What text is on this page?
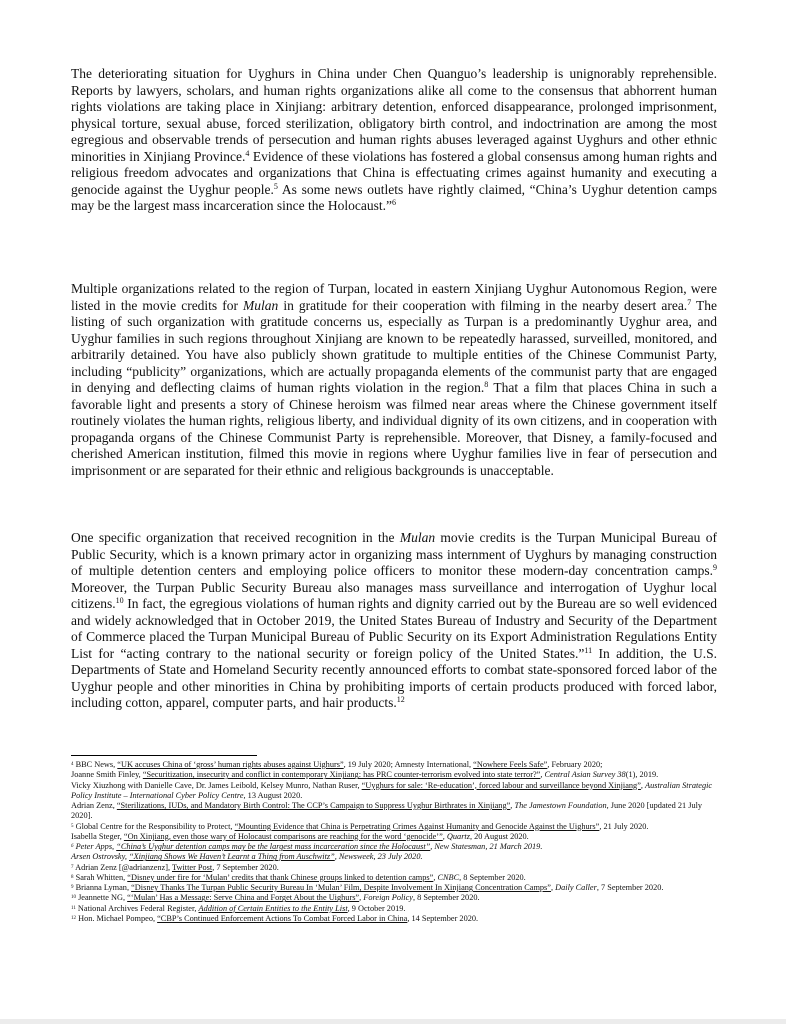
The deteriorating situation for Uyghurs in China under Chen Quanguo’s leadership is unignorably reprehensible. Reports by lawyers, scholars, and human rights organizations alike all come to the consensus that abhorrent human rights violations are taking place in Xinjiang: arbitrary detention, enforced disappearance, prolonged imprisonment, physical torture, sexual abuse, forced sterilization, obligatory birth control, and indoctrination are among the most egregious and observable trends of persecution and human rights abuses leveraged against Uyghurs and other ethnic minorities in Xinjiang Province.$^4$ Evidence of these violations has fostered a global consensus among human rights and religious freedom advocates and organizations that China is effectuating crimes against humanity and executing a genocide against the Uyghur people.$^5$ As some news outlets have rightly claimed, “China’s Uyghur detention camps may be the largest mass incarceration since the Holocaust.”$^6$

Multiple organizations related to the region of Turpan, located in eastern Xinjiang Uyghur Autonomous Region, were listed in the movie credits for Mulan in gratitude for their cooperation with filming in the nearby desert area.$^7$ The listing of such organization with gratitude concerns us, especially as Turpan is a predominantly Uyghur area, and Uyghur families in such regions throughout Xinjiang are known to be repeatedly harassed, surveilled, monitored, and arbitrarily detained. You have also publicly shown gratitude to multiple entities of the Chinese Communist Party, including “publicity” organizations, which are actually propaganda elements of the communist party that are engaged in denying and deflecting claims of human rights violation in the region.$^8$ That a film that places China in such a favorable light and presents a story of Chinese heroism was filmed near areas where the Chinese government itself routinely violates the human rights, religious liberty, and individual dignity of its own citizens, and in cooperation with propaganda organs of the Chinese Communist Party is reprehensible. Moreover, that Disney, a family-focused and cherished American institution, filmed this movie in regions where Uyghur families live in fear of persecution and imprisonment or are separated for their ethnic and religious backgrounds is unacceptable.

One specific organization that received recognition in the Mulan movie credits is the Turpan Municipal Bureau of Public Security, which is a known primary actor in organizing mass internment of Uyghurs by managing construction of multiple detention centers and employing police officers to monitor these modern-day concentration camps.$^9$ Moreover, the Turpan Public Security Bureau also manages mass surveillance and interrogation of Uyghur local citizens.$^{10}$ In fact, the egregious violations of human rights and dignity carried out by the Bureau are so well evidenced and widely acknowledged that in October 2019, the United States Bureau of Industry and Security of the Department of Commerce placed the Turpan Municipal Bureau of Public Security on its Export Administration Regulations Entity List for “acting contrary to the national security or foreign policy of the United States.”$^{11}$ In addition, the U.S. Departments of State and Homeland Security recently announced efforts to combat state-sponsored forced labor of the Uyghur people and other minorities in China by prohibiting imports of certain products produced with forced labor, including cotton, apparel, computer parts, and hair products.$^{12}$

$^4$ BBC News, “UK accuses China of ‘gross’ human rights abuses against Uighurs”, 19 July 2020; Amnesty International, “Nowhere Feels Safe”, February 2020;

Joanne Smith Finley, “Securitization, insecurity and conflict in contemporary Xinjiang: has PRC counter-terrorism evolved into state terror?”, Central Asian Survey 38(1), 2019.

Vicky Xiuzhong with Danielle Cave, Dr. James Leibold, Kelsey Munro, Nathan Ruser, “Uyghurs for sale: ‘Re-education’, forced labour and surveillance beyond Xinjiang”, Australian Strategic Policy Institute – International Cyber Policy Centre, 13 August 2020.

Adrian Zenz, “Sterilizations, IUDs, and Mandatory Birth Control: The CCP’s Campaign to Suppress Uyghur Birthrates in Xinjiang”, The Jamestown Foundation, June 2020 [updated 21 July 2020].

$^5$ Global Centre for the Responsibility to Protect, “Mounting Evidence that China is Perpetrating Crimes Against Humanity and Genocide Against the Uighurs”, 21 July 2020.

Isabella Steger, “On Xinjiang, even those wary of Holocaust comparisons are reaching for the word ‘genocide’”, Quartz, 20 August 2020.

$^6$ Peter Apps, “China’s Uyghur detention camps may be the largest mass incarceration since the Holocaust”, New Statesman, 21 March 2019.

Arsen Ostrovsky, “Xinjiang Shows We Haven’t Learnt a Thing from Auschwitz”, Newsweek, 23 July 2020.

$^7$ Adrian Zenz [@adrianzenz], Twitter Post, 7 September 2020.

$^8$ Sarah Whitten, “Disney under fire for ‘Mulan’ credits that thank Chinese groups linked to detention camps”, CNBC, 8 September 2020.

$^9$ Brianna Lyman, “Disney Thanks The Turpan Public Security Bureau In ‘Mulan’ Film, Despite Involvement In Xinjiang Concentration Camps”, Daily Caller, 7 September 2020.

$^{10}$ Jeannette NG, “‘Mulan’ Has a Message: Serve China and Forget About the Uighurs”, Foreign Policy, 8 September 2020.

$^{11}$ National Archives Federal Register, Addition of Certain Entities to the Entity List, 9 October 2019.

$^{12}$ Hon. Michael Pompeo, “CBP’s Continued Enforcement Actions To Combat Forced Labor in China, 14 September 2020.
